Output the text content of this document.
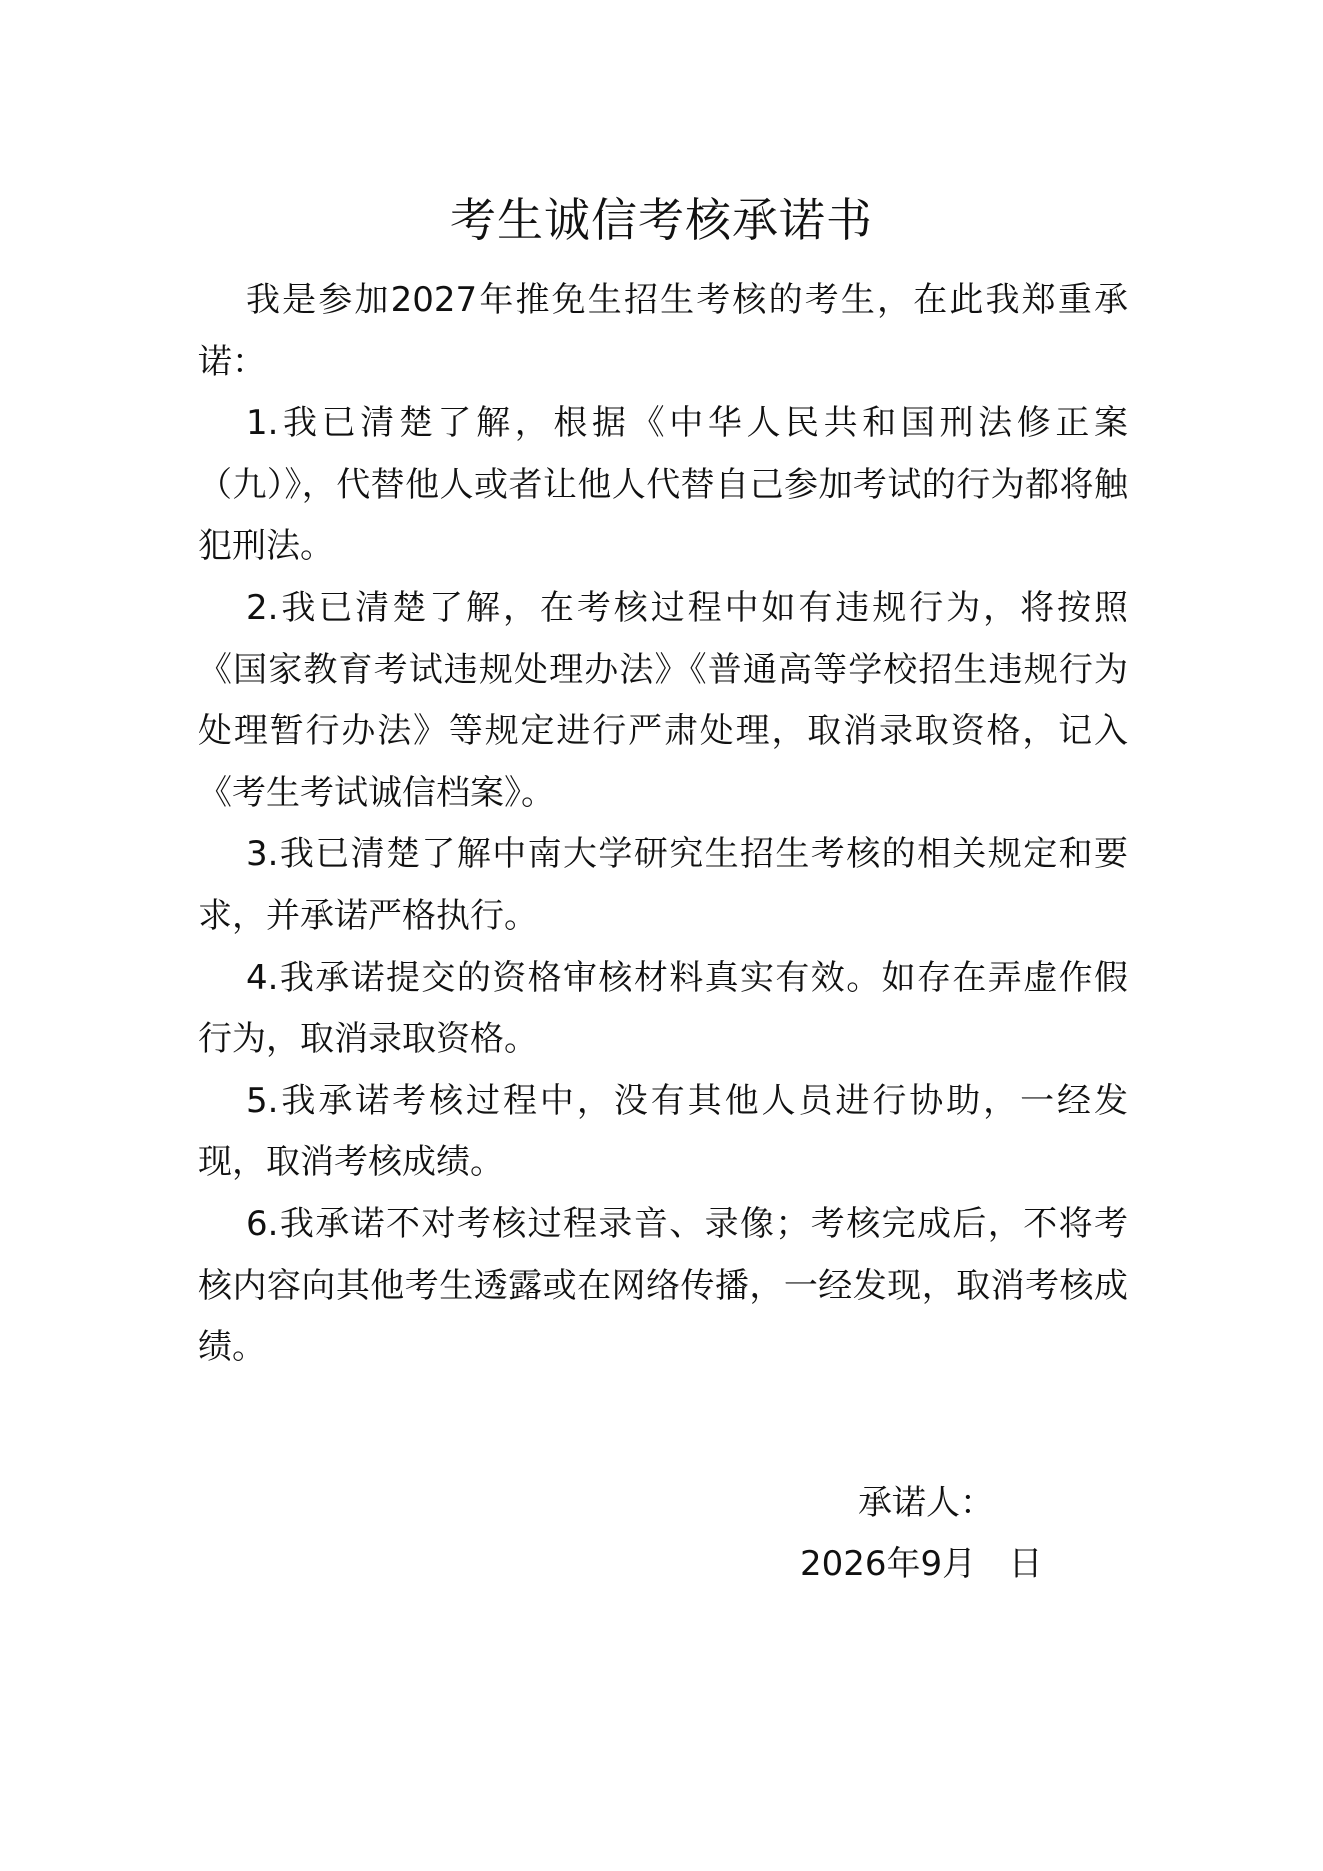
考生诚信考核承诺书

我是参加2027年推免生招生考核的考生，在此我郑重承诺：

1.我已清楚了解，根据《中华人民共和国刑法修正案（九）》，代替他人或者让他人代替自己参加考试的行为都将触犯刑法。

2.我已清楚了解，在考核过程中如有违规行为，将按照《国家教育考试违规处理办法》《普通高等学校招生违规行为处理暂行办法》等规定进行严肃处理，取消录取资格，记入《考生考试诚信档案》。

3.我已清楚了解中南大学研究生招生考核的相关规定和要求，并承诺严格执行。

4.我承诺提交的资格审核材料真实有效。如存在弄虚作假行为，取消录取资格。

5.我承诺考核过程中，没有其他人员进行协助，一经发现，取消考核成绩。

6.我承诺不对考核过程录音、录像；考核完成后，不将考核内容向其他考生透露或在网络传播，一经发现，取消考核成绩。

承诺人：
2026年9月   日
